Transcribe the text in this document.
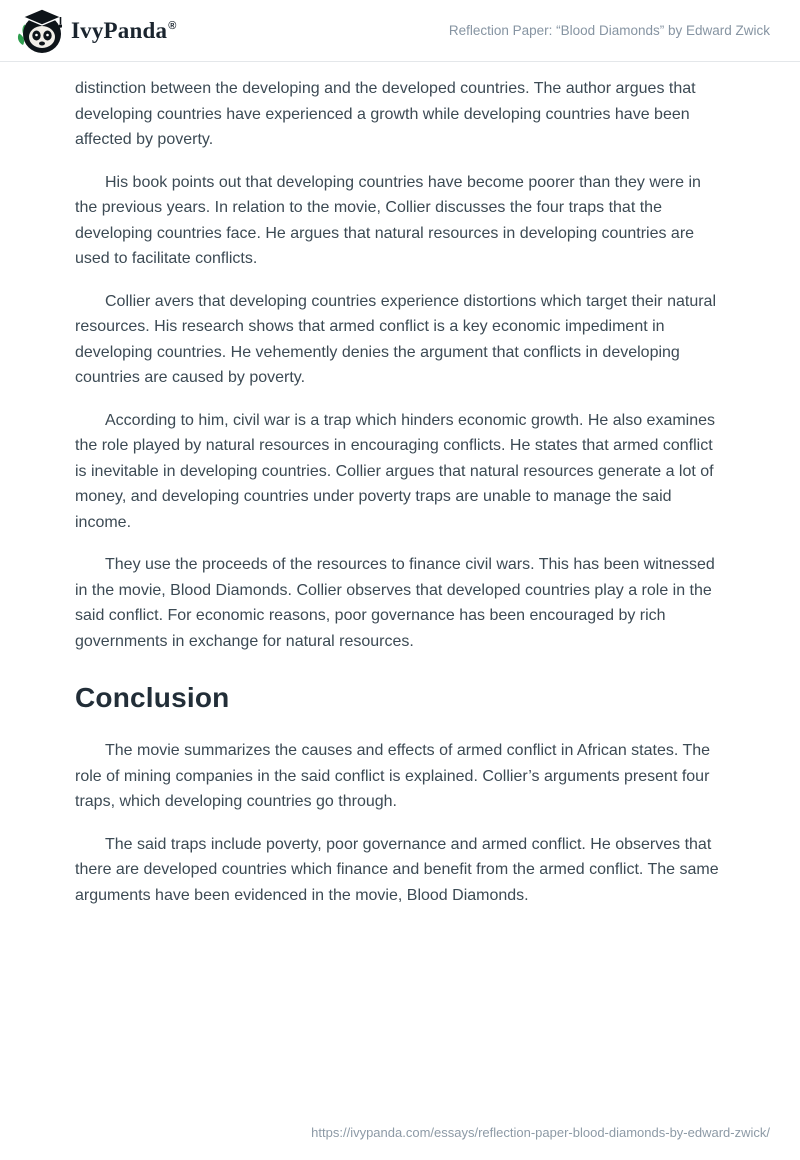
IvyPanda®	Reflection Paper: “Blood Diamonds” by Edward Zwick

distinction between the developing and the developed countries. The author argues that developing countries have experienced a growth while developing countries have been affected by poverty.

His book points out that developing countries have become poorer than they were in the previous years. In relation to the movie, Collier discusses the four traps that the developing countries face. He argues that natural resources in developing countries are used to facilitate conflicts.

Collier avers that developing countries experience distortions which target their natural resources. His research shows that armed conflict is a key economic impediment in developing countries. He vehemently denies the argument that conflicts in developing countries are caused by poverty.

According to him, civil war is a trap which hinders economic growth. He also examines the role played by natural resources in encouraging conflicts. He states that armed conflict is inevitable in developing countries. Collier argues that natural resources generate a lot of money, and developing countries under poverty traps are unable to manage the said income.

They use the proceeds of the resources to finance civil wars. This has been witnessed in the movie, Blood Diamonds. Collier observes that developed countries play a role in the said conflict. For economic reasons, poor governance has been encouraged by rich governments in exchange for natural resources.

Conclusion

The movie summarizes the causes and effects of armed conflict in African states. The role of mining companies in the said conflict is explained. Collier’s arguments present four traps, which developing countries go through.

The said traps include poverty, poor governance and armed conflict. He observes that there are developed countries which finance and benefit from the armed conflict. The same arguments have been evidenced in the movie, Blood Diamonds.

https://ivypanda.com/essays/reflection-paper-blood-diamonds-by-edward-zwick/
